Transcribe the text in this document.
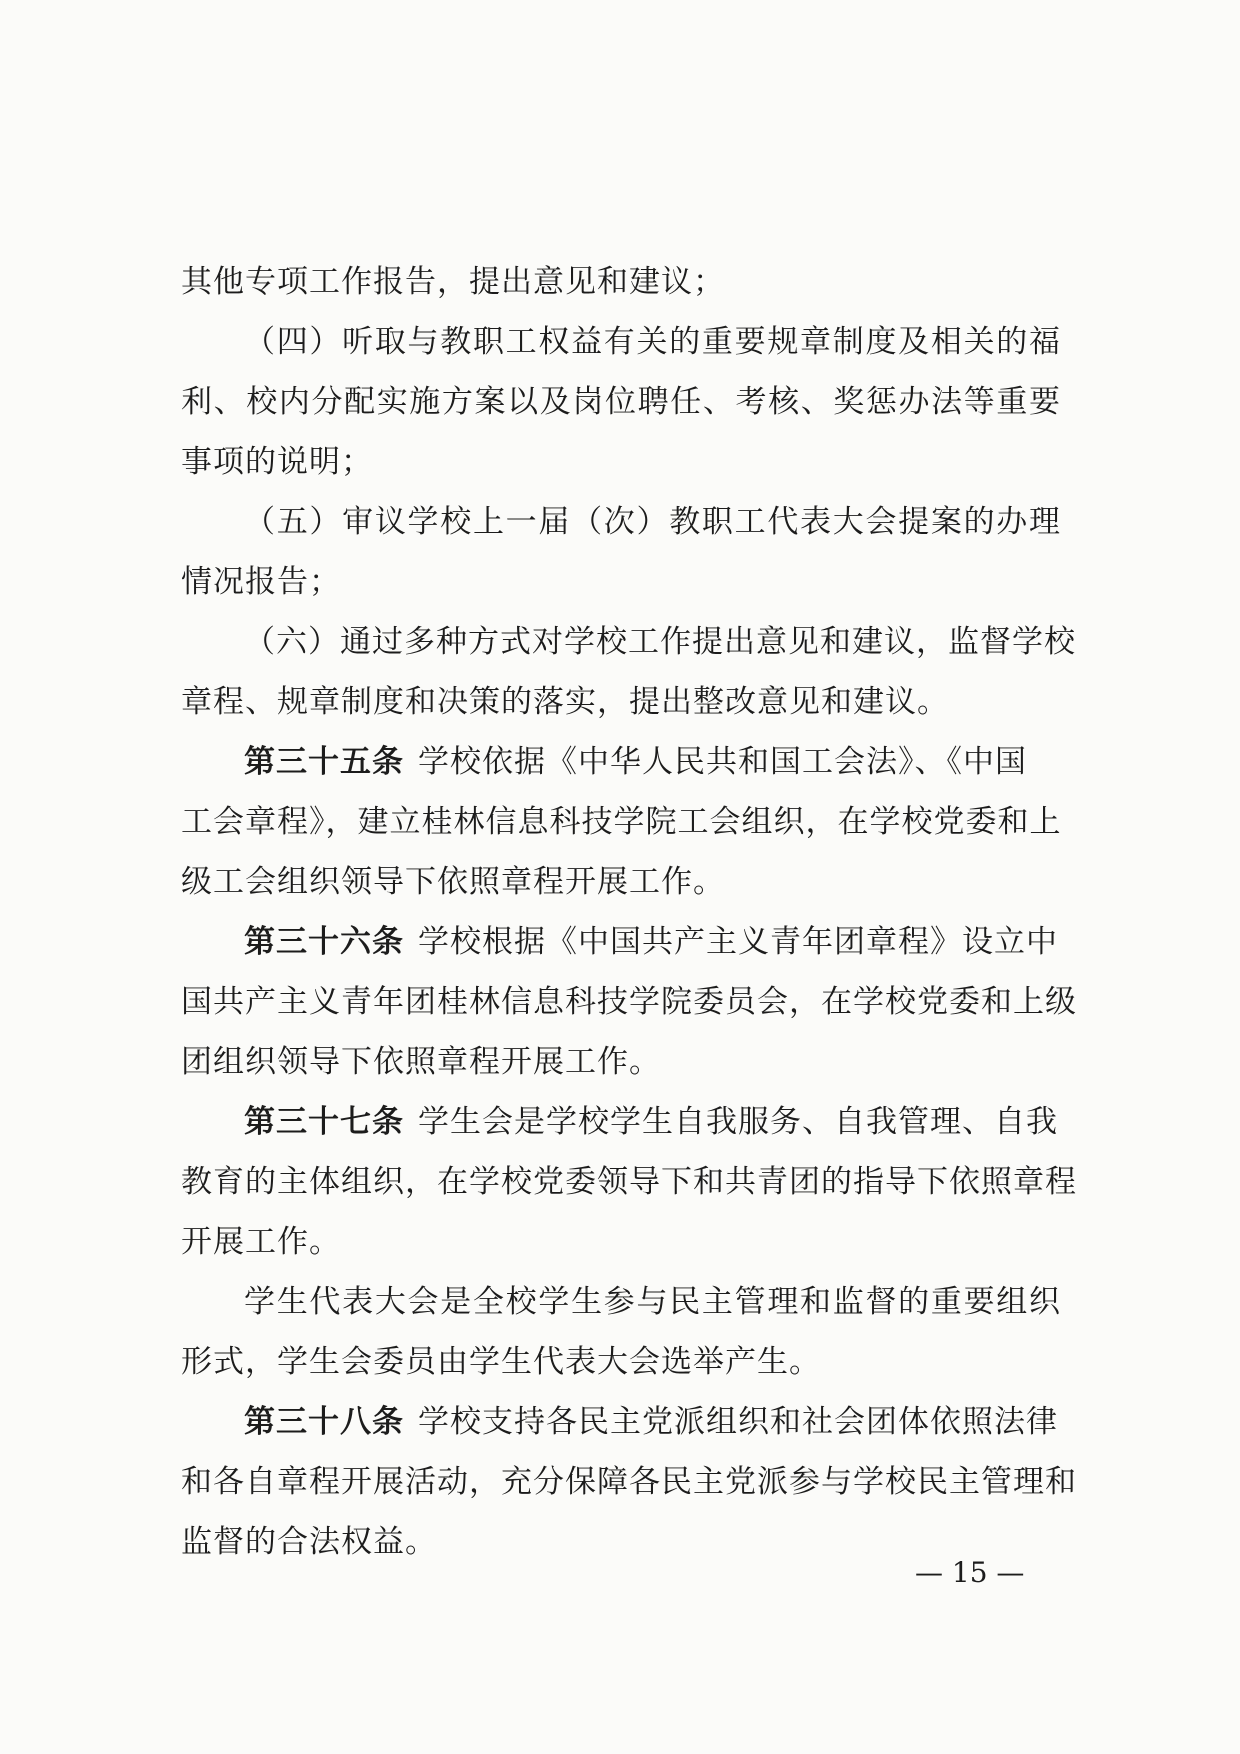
其他专项工作报告，提出意见和建议；
（四）听取与教职工权益有关的重要规章制度及相关的福
利、校内分配实施方案以及岗位聘任、考核、奖惩办法等重要
事项的说明；
（五）审议学校上一届（次）教职工代表大会提案的办理
情况报告；
（六）通过多种方式对学校工作提出意见和建议，监督学校
章程、规章制度和决策的落实，提出整改意见和建议。
第三十五条 学校依据《中华人民共和国工会法》、《中国
工会章程》，建立桂林信息科技学院工会组织，在学校党委和上
级工会组织领导下依照章程开展工作。
第三十六条 学校根据《中国共产主义青年团章程》设立中
国共产主义青年团桂林信息科技学院委员会，在学校党委和上级
团组织领导下依照章程开展工作。
第三十七条 学生会是学校学生自我服务、自我管理、自我
教育的主体组织，在学校党委领导下和共青团的指导下依照章程
开展工作。
学生代表大会是全校学生参与民主管理和监督的重要组织
形式，学生会委员由学生代表大会选举产生。
第三十八条 学校支持各民主党派组织和社会团体依照法律
和各自章程开展活动，充分保障各民主党派参与学校民主管理和
监督的合法权益。
— 15 —
